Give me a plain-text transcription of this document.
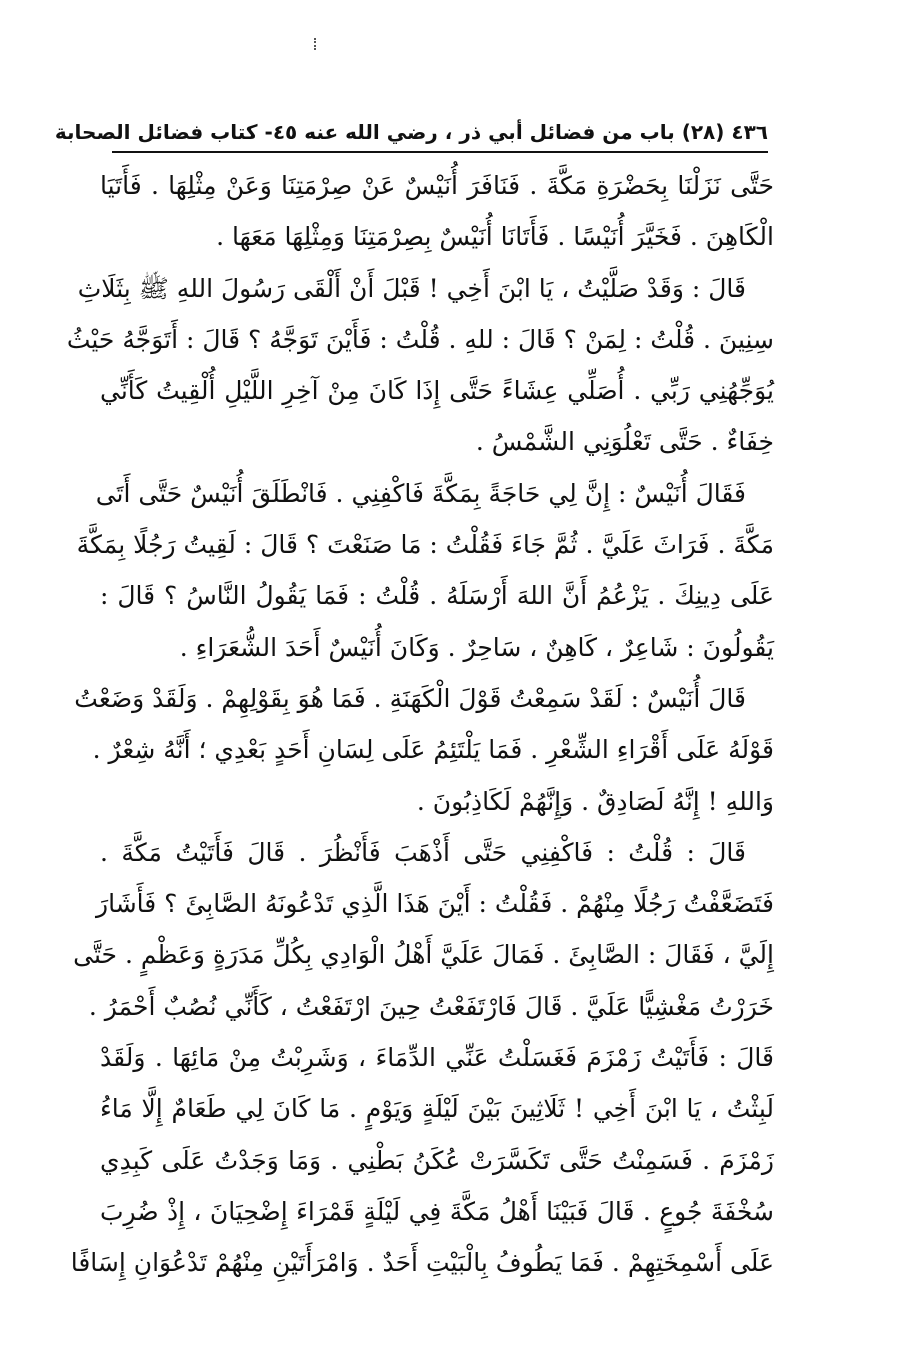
٤٣٦ (٢٨) باب من فضائل أبي ذر ، رضي الله عنه ٤٥- كتاب فضائل الصحابة
حَتَّى نَزَلْنَا بِحَضْرَةِ مَكَّةَ . فَنَافَرَ أُنَيْسٌ عَنْ صِرْمَتِنَا وَعَنْ مِثْلِهَا . فَأَتَيَا
الْكَاهِنَ . فَخَيَّرَ أُنَيْسًا . فَأَتَانَا أُنَيْسٌ بِصِرْمَتِنَا وَمِثْلِهَا مَعَهَا .
قَالَ : وَقَدْ صَلَّيْتُ ، يَا ابْنَ أَخِي ! قَبْلَ أَنْ أَلْقَى رَسُولَ اللهِ ﷺ بِثَلَاثِ
سِنِينَ . قُلْتُ : لِمَنْ ؟ قَالَ : للهِ . قُلْتُ : فَأَيْنَ تَوَجَّهُ ؟ قَالَ : أَتَوَجَّهُ حَيْثُ
يُوَجِّهُنِي رَبِّي . أُصَلِّي عِشَاءً حَتَّى إِذَا كَانَ مِنْ آخِرِ اللَّيْلِ أُلْقِيتُ كَأَنِّي
خِفَاءٌ . حَتَّى تَعْلُوَنِي الشَّمْسُ .
فَقَالَ أُنَيْسٌ : إِنَّ لِي حَاجَةً بِمَكَّةَ فَاكْفِنِي . فَانْطَلَقَ أُنَيْسٌ حَتَّى أَتَى
مَكَّةَ . فَرَاثَ عَلَيَّ . ثُمَّ جَاءَ فَقُلْتُ : مَا صَنَعْتَ ؟ قَالَ : لَقِيتُ رَجُلًا بِمَكَّةَ
عَلَى دِينِكَ . يَزْعُمُ أَنَّ اللهَ أَرْسَلَهُ . قُلْتُ : فَمَا يَقُولُ النَّاسُ ؟ قَالَ :
يَقُولُونَ : شَاعِرٌ ، كَاهِنٌ ، سَاحِرٌ . وَكَانَ أُنَيْسٌ أَحَدَ الشُّعَرَاءِ .
قَالَ أُنَيْسٌ : لَقَدْ سَمِعْتُ قَوْلَ الْكَهَنَةِ . فَمَا هُوَ بِقَوْلِهِمْ . وَلَقَدْ وَضَعْتُ
قَوْلَهُ عَلَى أَقْرَاءِ الشِّعْرِ . فَمَا يَلْتَئِمُ عَلَى لِسَانِ أَحَدٍ بَعْدِي ؛ أَنَّهُ شِعْرٌ .
وَاللهِ ! إِنَّهُ لَصَادِقٌ . وَإِنَّهُمْ لَكَاذِبُونَ .
قَالَ : قُلْتُ : فَاكْفِنِي حَتَّى أَذْهَبَ فَأَنْظُرَ . قَالَ فَأَتَيْتُ مَكَّةَ .
فَتَضَعَّفْتُ رَجُلًا مِنْهُمْ . فَقُلْتُ : أَيْنَ هَذَا الَّذِي تَدْعُونَهُ الصَّابِئَ ؟ فَأَشَارَ
إِلَيَّ ، فَقَالَ : الصَّابِئَ . فَمَالَ عَلَيَّ أَهْلُ الْوَادِي بِكُلِّ مَدَرَةٍ وَعَظْمٍ . حَتَّى
خَرَرْتُ مَغْشِيًّا عَلَيَّ . قَالَ فَارْتَفَعْتُ حِينَ ارْتَفَعْتُ ، كَأَنِّي نُصُبٌ أَحْمَرُ .
قَالَ : فَأَتَيْتُ زَمْزَمَ فَغَسَلْتُ عَنِّي الدِّمَاءَ ، وَشَرِبْتُ مِنْ مَائِهَا . وَلَقَدْ
لَبِثْتُ ، يَا ابْنَ أَخِي ! ثَلَاثِينَ بَيْنَ لَيْلَةٍ وَيَوْمٍ . مَا كَانَ لِي طَعَامٌ إِلَّا مَاءُ
زَمْزَمَ . فَسَمِنْتُ حَتَّى تَكَسَّرَتْ عُكَنُ بَطْنِي . وَمَا وَجَدْتُ عَلَى كَبِدِي
سُخْفَةَ جُوعٍ . قَالَ فَبَيْنَا أَهْلُ مَكَّةَ فِي لَيْلَةٍ قَمْرَاءَ إِضْحِيَانَ ، إِذْ ضُرِبَ
عَلَى أَسْمِخَتِهِمْ . فَمَا يَطُوفُ بِالْبَيْتِ أَحَدٌ . وَامْرَأَتَيْنِ مِنْهُمْ تَدْعُوَانِ إِسَافًا
